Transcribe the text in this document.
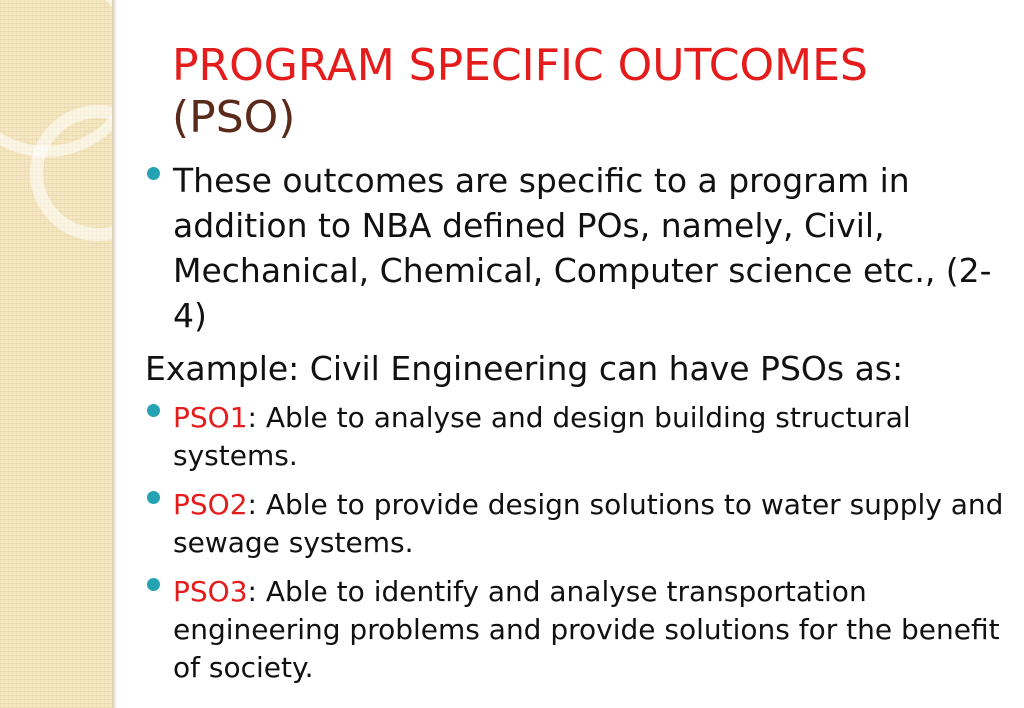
PROGRAM SPECIFIC OUTCOMES
(PSO)
These outcomes are specific to a program in addition to NBA defined POs, namely, Civil, Mechanical, Chemical, Computer science etc., (2-4)
Example: Civil Engineering can have PSOs as:
PSO1: Able to analyse and design building structural systems.
PSO2: Able to provide design solutions to water supply and sewage systems.
PSO3: Able to identify and analyse transportation engineering problems and provide solutions for the benefit of society.
